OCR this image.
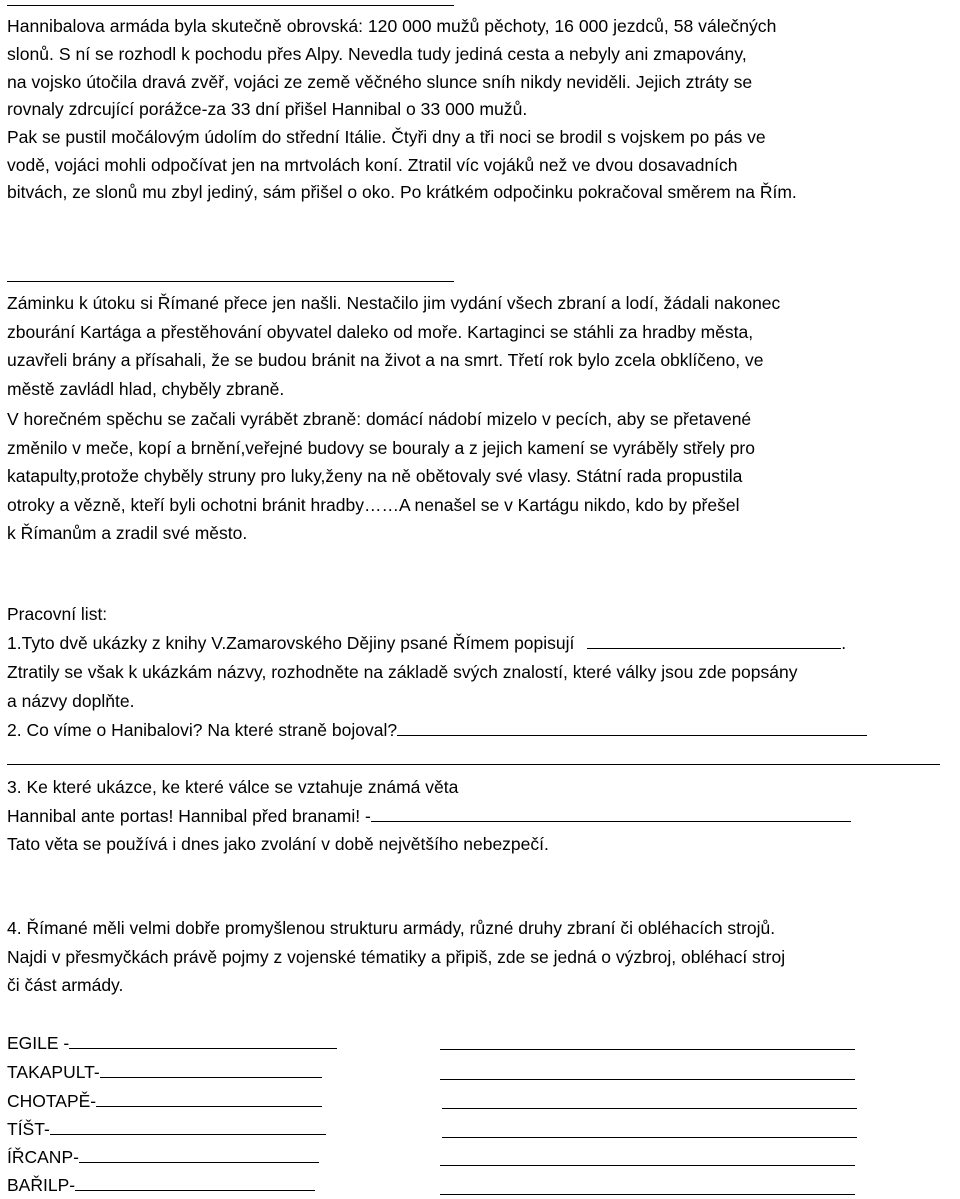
Hannibalova armáda byla skutečně obrovská: 120 000 mužů pěchoty, 16 000 jezdců, 58 válečných
slonů. S ní se rozhodl k pochodu přes Alpy. Nevedla tudy jediná cesta a nebyly ani zmapovány,
na vojsko útočila dravá zvěř, vojáci ze země věčného slunce sníh nikdy neviděli. Jejich ztráty se
rovnaly zdrcující porážce-za 33 dní přišel Hannibal o 33 000 mužů.
Pak se pustil močálovým údolím do střední Itálie. Čtyři dny a tři noci se brodil s vojskem po pás ve
vodě, vojáci mohli odpočívat jen na mrtvolách koní. Ztratil víc vojáků než ve dvou dosavadních
bitvách, ze slonů mu zbyl jediný, sám přišel o oko. Po krátkém odpočinku pokračoval směrem na Řím.
Záminku k útoku si Římané přece jen našli. Nestačilo jim vydání všech zbraní a lodí, žádali nakonec
zbourání Kartága a přestěhování obyvatel daleko od moře. Kartaginci se stáhli za hradby města,
uzavřeli brány a přísahali, že se budou bránit na život a na smrt. Třetí rok bylo zcela obklíčeno, ve
městě zavládl hlad, chyběly zbraně.
V horečném spěchu se začali vyrábět zbraně: domácí nádobí mizelo v pecích, aby se přetavené
změnilo v meče, kopí a brnění,veřejné budovy se bouraly a z jejich kamení se vyráběly střely pro
katapulty,protože chyběly struny pro luky,ženy na ně obětovaly své vlasy. Státní rada propustila
otroky a vězně, kteří byli ochotni bránit hradby……A nenašel se v Kartágu nikdo, kdo by přešel
k Římanům a zradil své město.
Pracovní list:
1.Tyto dvě ukázky z knihy V.Zamarovského Dějiny psané Římem popisují	.
Ztratily se však k ukázkám názvy, rozhodněte na základě svých znalostí, které války jsou zde popsány
a názvy doplňte.
2. Co víme o Hanibalovi? Na které straně bojoval?
3. Ke které ukázce, ke které válce se vztahuje známá věta
Hannibal ante portas! Hannibal před branami! -
Tato věta se používá i dnes jako zvolání v době největšího nebezpečí.
4. Římané měli velmi dobře promyšlenou strukturu armády, různé druhy zbraní či obléhacích strojů.
Najdi v přesmyčkách právě pojmy z vojenské tématiky a připiš, zde se jedná o výzbroj, obléhací stroj
či část armády.
EGILE -
TAKAPULT-
CHOTAPĚ-
TÍŠT-
ÍŘCANP-
BAŘILP-
